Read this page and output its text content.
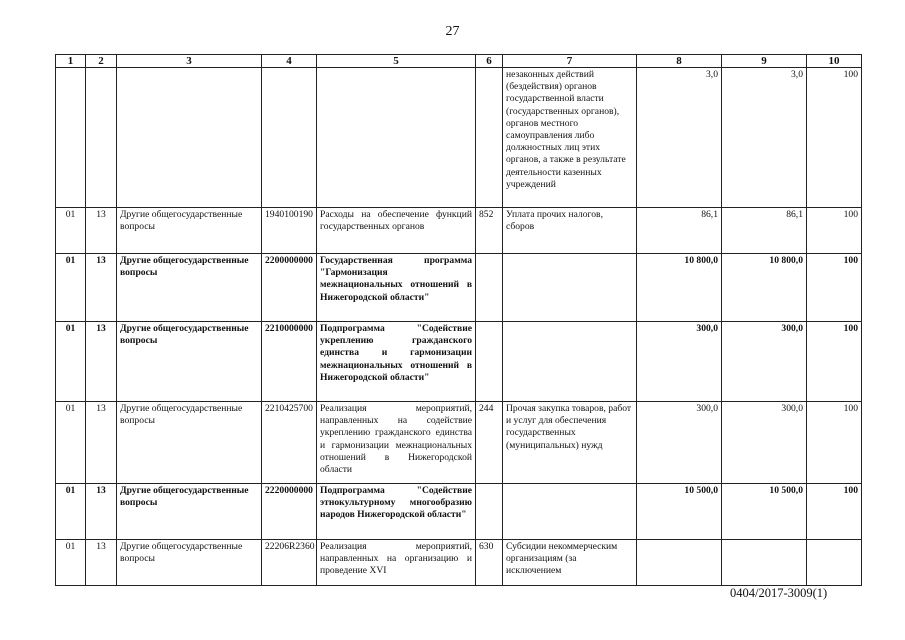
27
1	2	3	4	5	6	7	8	9	10
						незаконных действий (бездействия) органов государственной власти (государственных органов), органов местного самоуправления либо должностных лиц этих органов, а также в результате деятельности казенных учреждений	3,0	3,0	100
01	13	Другие общегосударственные вопросы	1940100190	Расходы на обеспечение функций государственных органов	852	Уплата прочих налогов, сборов	86,1	86,1	100
01	13	Другие общегосударственные вопросы	2200000000	Государственная программа "Гармонизация межнациональных отношений в Нижегородской области"			10 800,0	10 800,0	100
01	13	Другие общегосударственные вопросы	2210000000	Подпрограмма "Содействие укреплению гражданского единства и гармонизации межнациональных отношений в Нижегородской области"			300,0	300,0	100
01	13	Другие общегосударственные вопросы	2210425700	Реализация мероприятий, направленных на содействие укреплению гражданского единства и гармонизации межнациональных отношений в Нижегородской области	244	Прочая закупка товаров, работ и услуг для обеспечения государственных (муниципальных) нужд	300,0	300,0	100
01	13	Другие общегосударственные вопросы	2220000000	Подпрограмма "Содействие этнокультурному многообразию народов Нижегородской области"			10 500,0	10 500,0	100
01	13	Другие общегосударственные вопросы	22206R2360	Реализация мероприятий, направленных на организацию и проведение XVI	630	Субсидии некоммерческим организациям (за исключением			
0404/2017-3009(1)
